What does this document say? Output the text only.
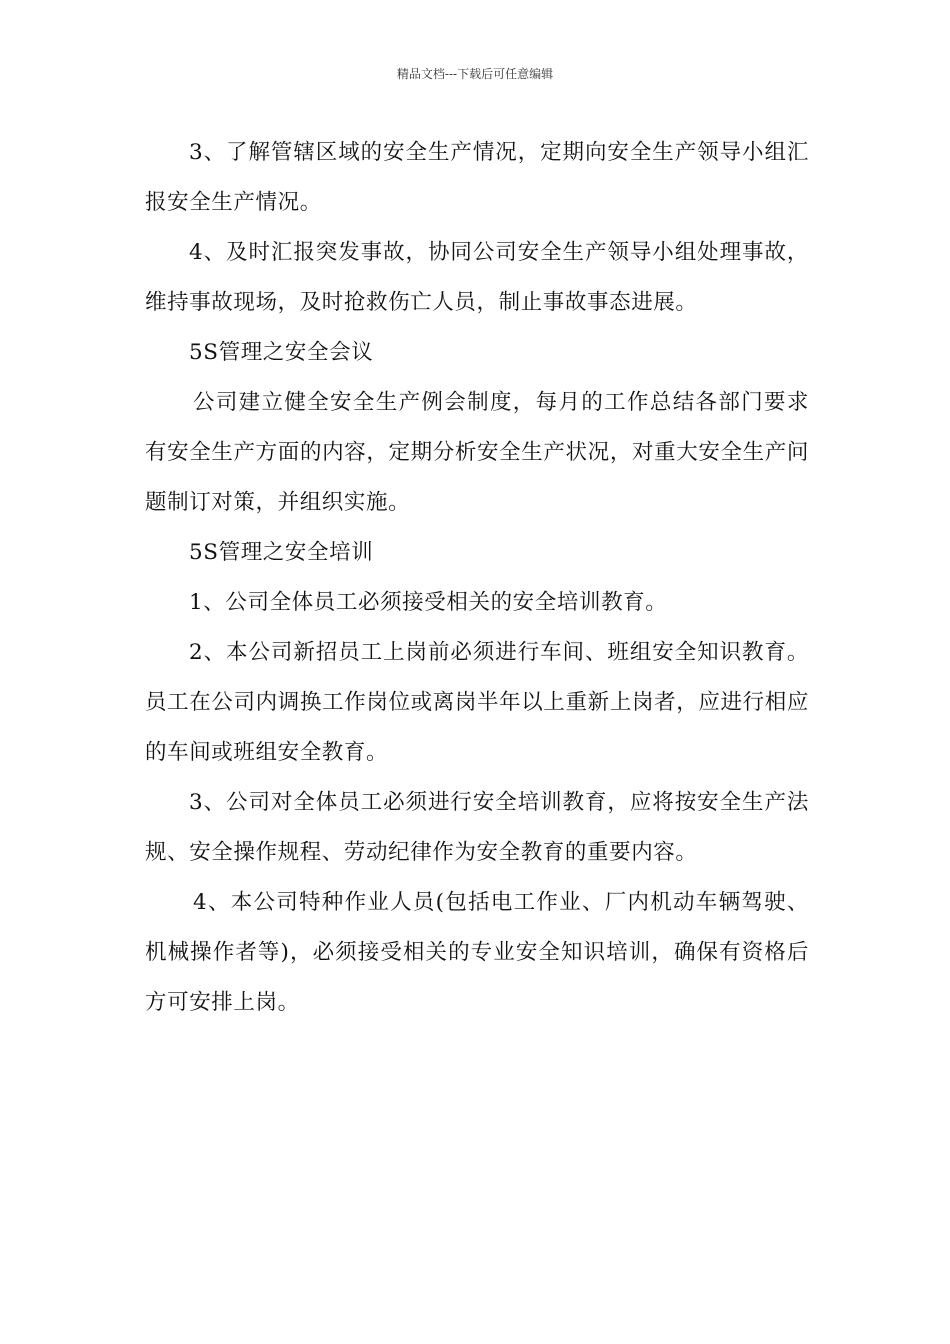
精品文档---下载后可任意编辑

3、了解管辖区域的安全生产情况，定期向安全生产领导小组汇报安全生产情况。

4、及时汇报突发事故，协同公司安全生产领导小组处理事故，维持事故现场，及时抢救伤亡人员，制止事故事态进展。

5S管理之安全会议

公司建立健全安全生产例会制度，每月的工作总结各部门要求有安全生产方面的内容，定期分析安全生产状况，对重大安全生产问题制订对策，并组织实施。

5S管理之安全培训

1、公司全体员工必须接受相关的安全培训教育。

2、本公司新招员工上岗前必须进行车间、班组安全知识教育。员工在公司内调换工作岗位或离岗半年以上重新上岗者，应进行相应的车间或班组安全教育。

3、公司对全体员工必须进行安全培训教育，应将按安全生产法规、安全操作规程、劳动纪律作为安全教育的重要内容。

4、本公司特种作业人员(包括电工作业、厂内机动车辆驾驶、机械操作者等)，必须接受相关的专业安全知识培训，确保有资格后方可安排上岗。
